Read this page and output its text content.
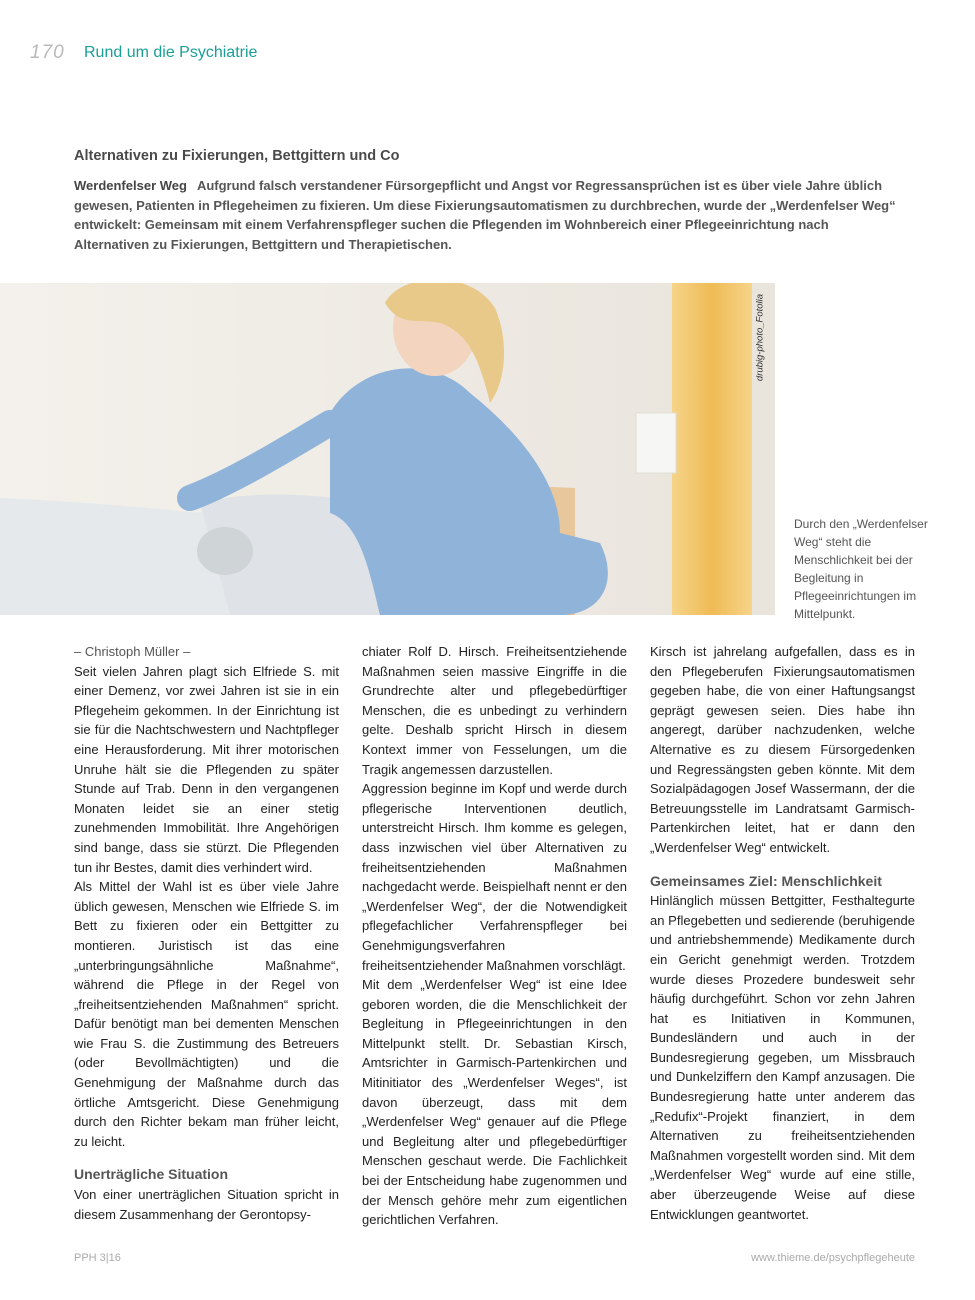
170 Rund um die Psychiatrie
Alternativen zu Fixierungen, Bettgittern und Co

Werdenfelser Weg Aufgrund falsch verstandener Fürsorgepflicht und Angst vor Regressansprüchen ist es über viele Jahre üblich gewesen, Patienten in Pflegeheimen zu fixieren. Um diese Fixierungsautomatismen zu durchbrechen, wurde der „Werdenfelser Weg“ entwickelt: Gemeinsam mit einem Verfahrenspfleger suchen die Pflegenden im Wohnbereich einer Pflegeeinrichtung nach Alternativen zu Fixierungen, Bettgittern und Therapietischen.

drubig-photo_Fotolia
Durch den „Werdenfelser Weg“ steht die Menschlichkeit bei der Begleitung in Pflegeeinrichtungen im Mittelpunkt.

– Christoph Müller –

Seit vielen Jahren plagt sich Elfriede S. mit einer Demenz, vor zwei Jahren ist sie in ein Pflegeheim gekommen. In der Einrichtung ist sie für die Nachtschwestern und Nachtpfleger eine Herausforderung. Mit ihrer motorischen Unruhe hält sie die Pflegenden zu später Stunde auf Trab. Denn in den vergangenen Monaten leidet sie an einer stetig zunehmenden Immobilität. Ihre Angehörigen sind bange, dass sie stürzt. Die Pflegenden tun ihr Bestes, damit dies verhindert wird.

Als Mittel der Wahl ist es über viele Jahre üblich gewesen, Menschen wie Elfriede S. im Bett zu fixieren oder ein Bettgitter zu montieren. Juristisch ist das eine „unterbringungsähnliche Maßnahme“, während die Pflege in der Regel von „freiheitsentziehenden Maßnahmen“ spricht. Dafür benötigt man bei dementen Menschen wie Frau S. die Zustimmung des Betreuers (oder Bevollmächtigten) und die Genehmigung der Maßnahme durch das örtliche Amtsgericht. Diese Genehmigung durch den Richter bekam man früher leicht, zu leicht.

Unerträgliche Situation

Von einer unerträglichen Situation spricht in diesem Zusammenhang der Gerontopsy-

chiater Rolf D. Hirsch. Freiheitsentziehende Maßnahmen seien massive Eingriffe in die Grundrechte alter und pflegebedürftiger Menschen, die es unbedingt zu verhindern gelte. Deshalb spricht Hirsch in diesem Kontext immer von Fesselungen, um die Tragik angemessen darzustellen.

Aggression beginne im Kopf und werde durch pflegerische Interventionen deutlich, unterstreicht Hirsch. Ihm komme es gelegen, dass inzwischen viel über Alternativen zu freiheitsentziehenden Maßnahmen nachgedacht werde. Beispielhaft nennt er den „Werdenfelser Weg“, der die Notwendigkeit pflegefachlicher Verfahrenspfleger bei Genehmigungsverfahren freiheitsentziehender Maßnahmen vorschlägt.

Mit dem „Werdenfelser Weg“ ist eine Idee geboren worden, die die Menschlichkeit der Begleitung in Pflegeeinrichtungen in den Mittelpunkt stellt. Dr. Sebastian Kirsch, Amtsrichter in Garmisch-Partenkirchen und Mitinitiator des „Werdenfelser Weges“, ist davon überzeugt, dass mit dem „Werdenfelser Weg“ genauer auf die Pflege und Begleitung alter und pflegebedürftiger Menschen geschaut werde. Die Fachlichkeit bei der Entscheidung habe zugenommen und der Mensch gehöre mehr zum eigentlichen gerichtlichen Verfahren.

Kirsch ist jahrelang aufgefallen, dass es in den Pflegeberufen Fixierungsautomatismen gegeben habe, die von einer Haftungsangst geprägt gewesen seien. Dies habe ihn angeregt, darüber nachzudenken, welche Alternative es zu diesem Fürsorgedenken und Regressängsten geben könnte. Mit dem Sozialpädagogen Josef Wassermann, der die Betreuungsstelle im Landratsamt Garmisch-Partenkirchen leitet, hat er dann den „Werdenfelser Weg“ entwickelt.

Gemeinsames Ziel: Menschlichkeit

Hinlänglich müssen Bettgitter, Festhaltegurte an Pflegebetten und sedierende (beruhigende und antriebshemmende) Medikamente durch ein Gericht genehmigt werden. Trotzdem wurde dieses Prozedere bundesweit sehr häufig durchgeführt. Schon vor zehn Jahren hat es Initiativen in Kommunen, Bundesländern und auch in der Bundesregierung gegeben, um Missbrauch und Dunkelziffern den Kampf anzusagen. Die Bundesregierung hatte unter anderem das „Redufix“-Projekt finanziert, in dem Alternativen zu freiheitsentziehenden Maßnahmen vorgestellt worden sind. Mit dem „Werdenfelser Weg“ wurde auf eine stille, aber überzeugende Weise auf diese Entwicklungen geantwortet.

PPH 3|16	www.thieme.de/psychpflegeheute
